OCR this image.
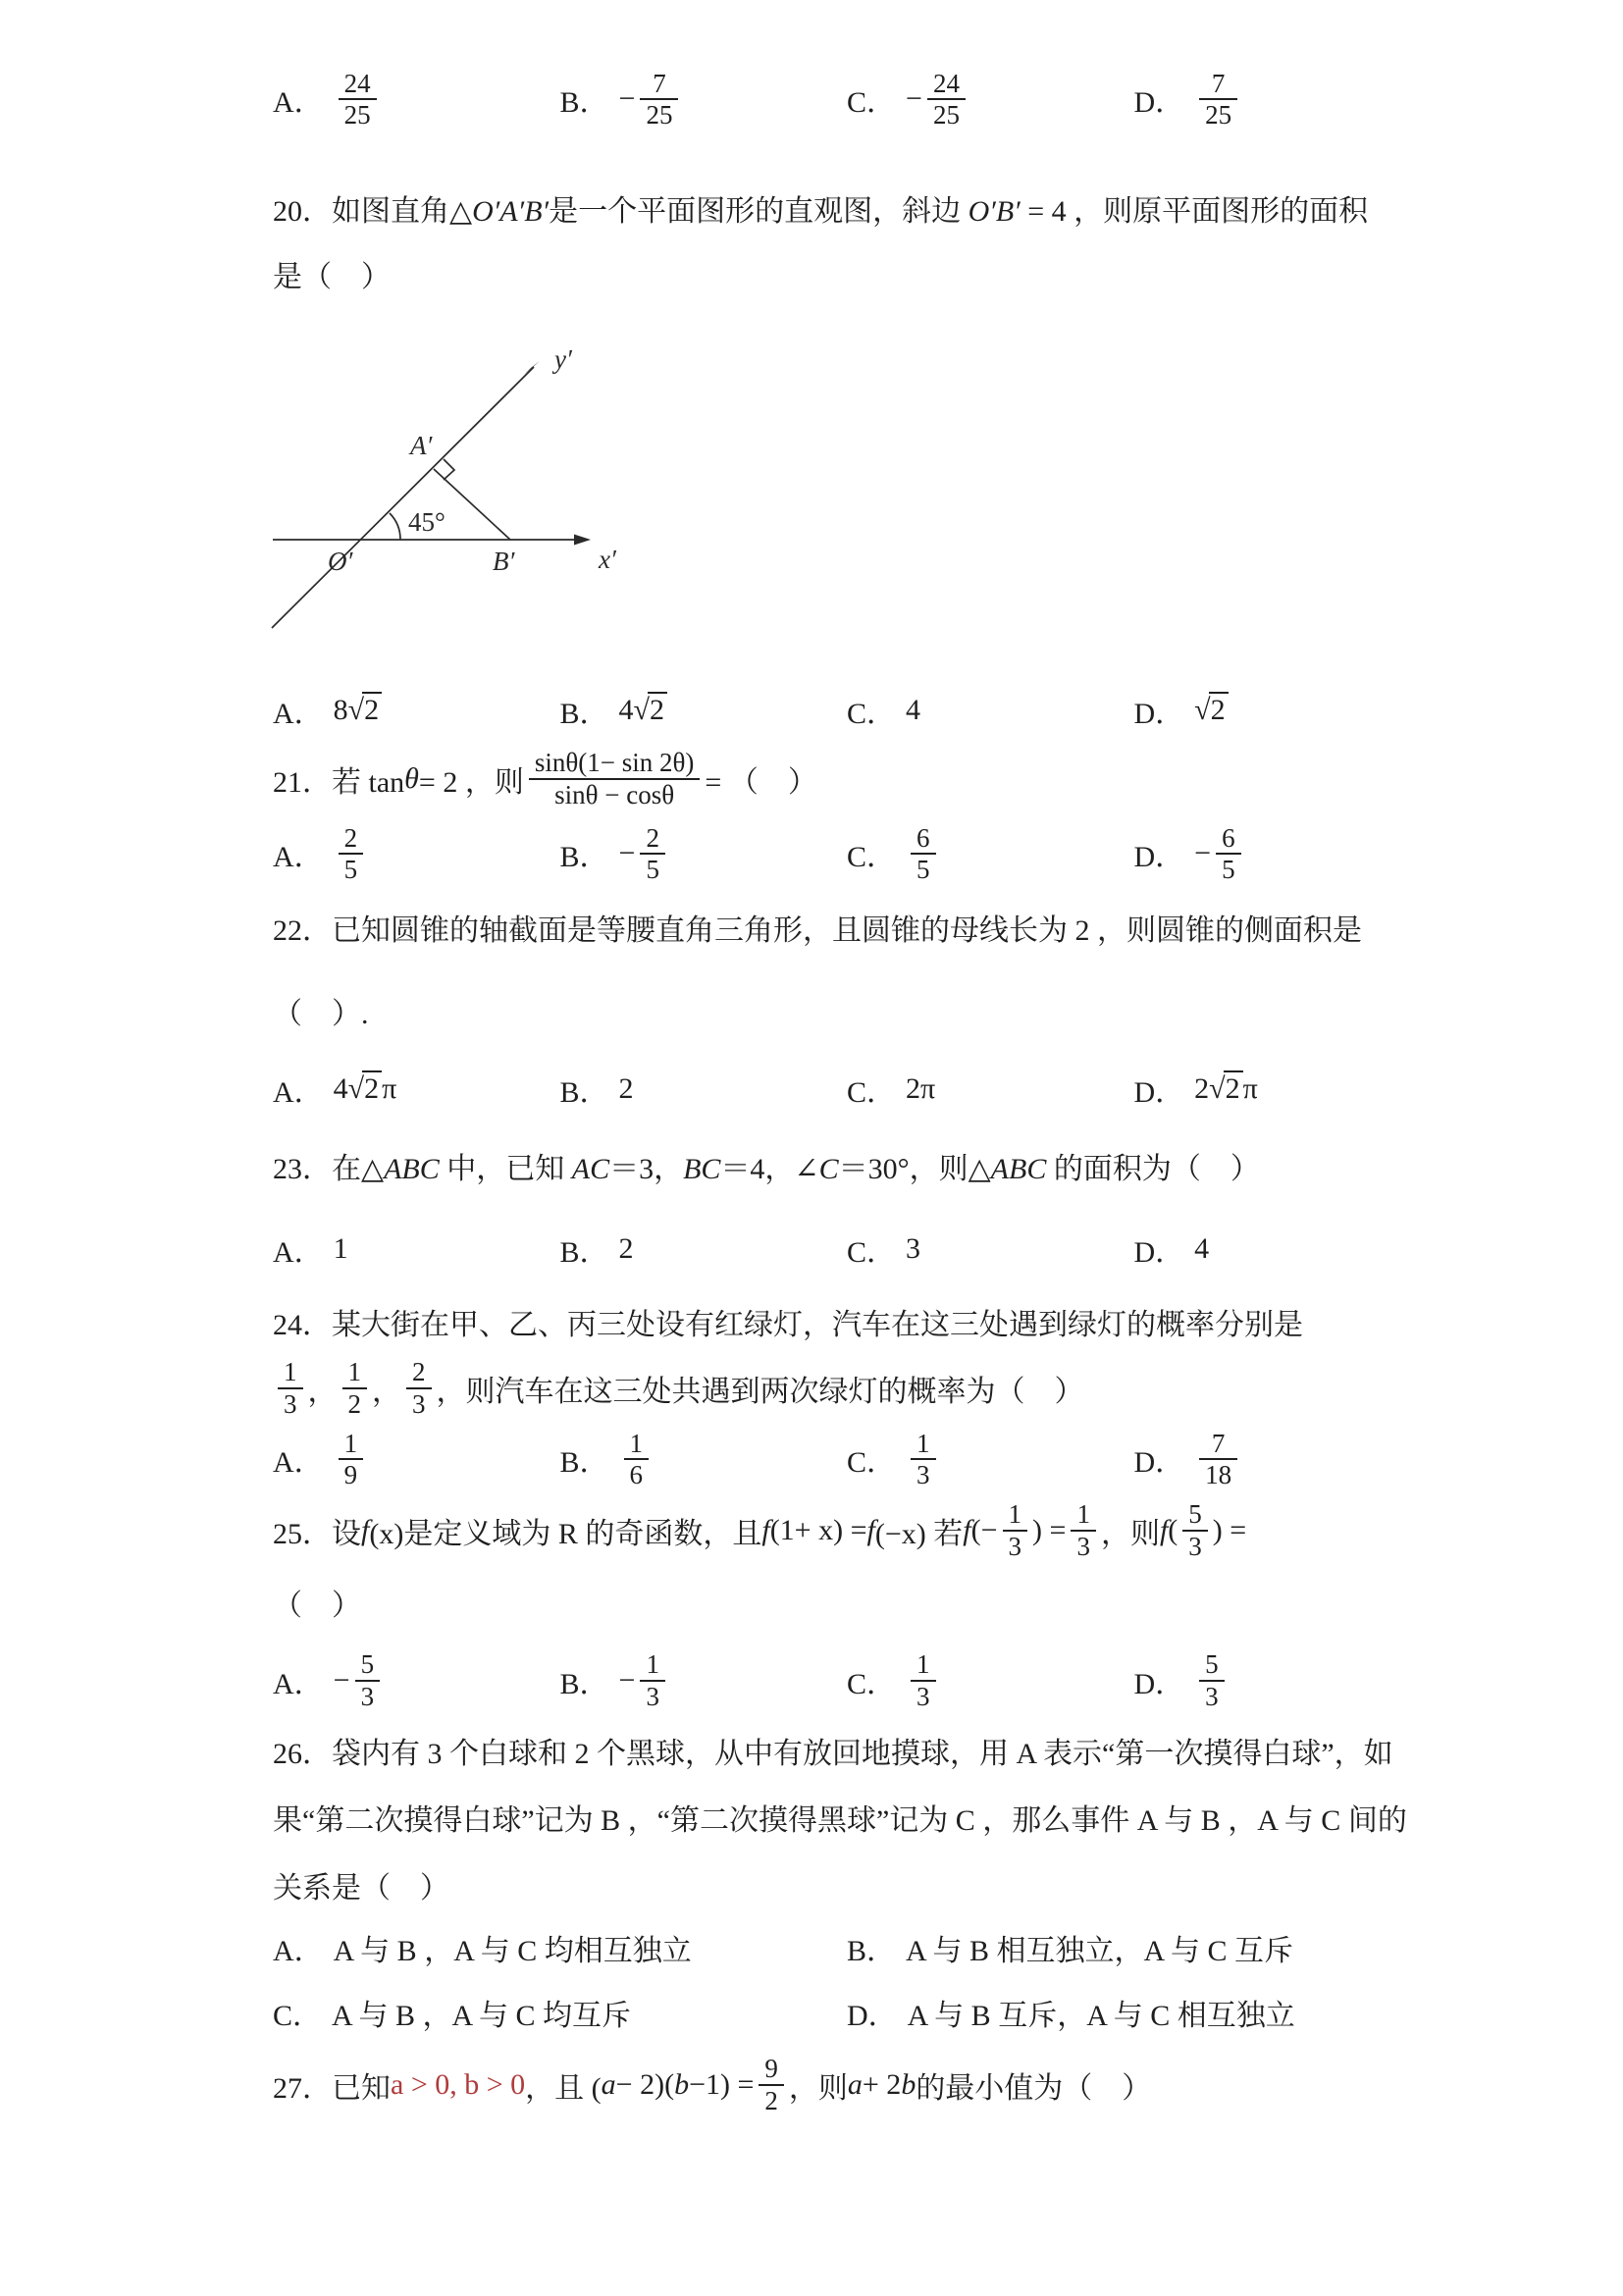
A． $\frac{24}{25}$	B． − $\frac{7}{25}$	C． − $\frac{24}{25}$	D． $\frac{7}{25}$
20．如图直角△O′A′B′是一个平面图形的直观图，斜边 O′B′ = 4 ，则原平面图形的面积
是（　）
45°
y′
x′
O′
A′
B′
A． 8 √2	B． 4 √2	C． 4	D． √2
21．若 tan θ = 2 ，则 $\frac{\sin\theta(1- \sin 2\theta)}{\sin\theta - \cos\theta}$ = （　）
A． $\frac{2}{5}$	B． − $\frac{2}{5}$	C． $\frac{6}{5}$	D． − $\frac{6}{5}$
22．已知圆锥的轴截面是等腰直角三角形，且圆锥的母线长为 2 ，则圆锥的侧面积是
（　）.
A． 4 √2 π	B． 2	C． 2π	D． 2 √2 π
23．在△ABC 中，已知 AC＝3，BC＝4，∠C＝30°，则△ABC 的面积为（　）
A． 1	B． 2	C． 3	D． 4
24．某大街在甲、乙、丙三处设有红绿灯，汽车在这三处遇到绿灯的概率分别是
$\frac{1}{3}$ ， $\frac{1}{2}$ ， $\frac{2}{3}$ ，则汽车在这三处共遇到两次绿灯的概率为（　）
A． $\frac{1}{9}$	B． $\frac{1}{6}$	C． $\frac{1}{3}$	D． $\frac{7}{18}$
25．设 f (x)是定义域为 R 的奇函数，且 f (1+ x) = f (−x) 若 f (− $\frac{1}{3}$ ) = $\frac{1}{3}$ ，则 f ( $\frac{5}{3}$ ) =
（　）
A． − $\frac{5}{3}$	B． − $\frac{1}{3}$	C． $\frac{1}{3}$	D． $\frac{5}{3}$
26．袋内有 3 个白球和 2 个黑球，从中有放回地摸球，用 A 表示“第一次摸得白球”，如
果“第二次摸得白球”记为 B ，“第二次摸得黑球”记为 C ，那么事件 A 与 B ，A 与 C 间的
关系是（　）
A． A 与 B ，A 与 C 均相互独立	B． A 与 B 相互独立，A 与 C 互斥
C． A 与 B ，A 与 C 均互斥	D． A 与 B 互斥，A 与 C 相互独立
27．已知 a > 0, b > 0 ，且 ( a − 2)( $b -1) = \frac{9}{2}$ ，则 a + 2 b 的最小值为（　）
